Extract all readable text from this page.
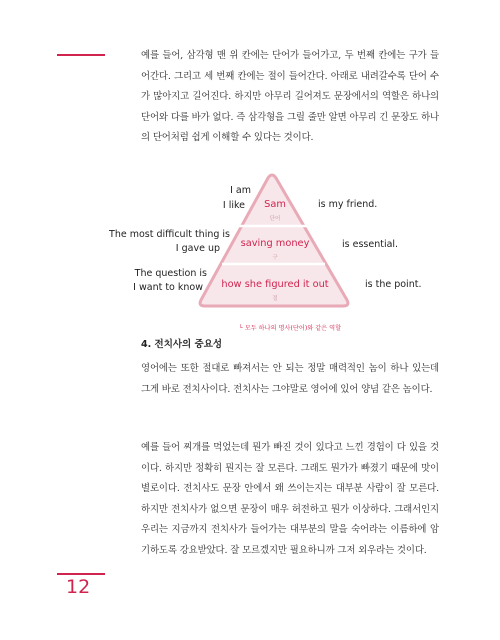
예를 들어, 삼각형 맨 위 칸에는 단어가 들어가고, 두 번째 칸에는 구가 들어간다. 그리고 세 번째 칸에는 절이 들어간다. 아래로 내려갈수록 단어 수가 많아지고 길어진다. 하지만 아무리 길어져도 문장에서의 역할은 하나의 단어와 다를 바가 없다. 즉 삼각형을 그릴 줄만 알면 아무리 긴 문장도 하나의 단어처럼 쉽게 이해할 수 있다는 것이다.
I am
I like Sam
단어
is my friend.
The most difficult thing is
I gave up saving money
구
is essential.
The question is
I want to know how she figured it out
절
is the point.
└ 모두 하나의 명사(단어)와 같은 역할
4. 전치사의 중요성
영어에는 또한 절대로 빠져서는 안 되는 정말 매력적인 놈이 하나 있는데 그게 바로 전치사이다. 전치사는 그야말로 영어에 있어 양념 같은 놈이다.
예를 들어 찌개를 먹었는데 뭔가 빠진 것이 있다고 느낀 경험이 다 있을 것이다. 하지만 정확히 뭔지는 잘 모른다. 그래도 뭔가가 빠졌기 때문에 맛이 별로이다. 전치사도 문장 안에서 왜 쓰이는지는 대부분 사람이 잘 모른다. 하지만 전치사가 없으면 문장이 매우 허전하고 뭔가 이상하다. 그래서인지 우리는 지금까지 전치사가 들어가는 대부분의 말을 숙어라는 이름하에 암기하도록 강요받았다. 잘 모르겠지만 필요하니까 그저 외우라는 것이다.
12
